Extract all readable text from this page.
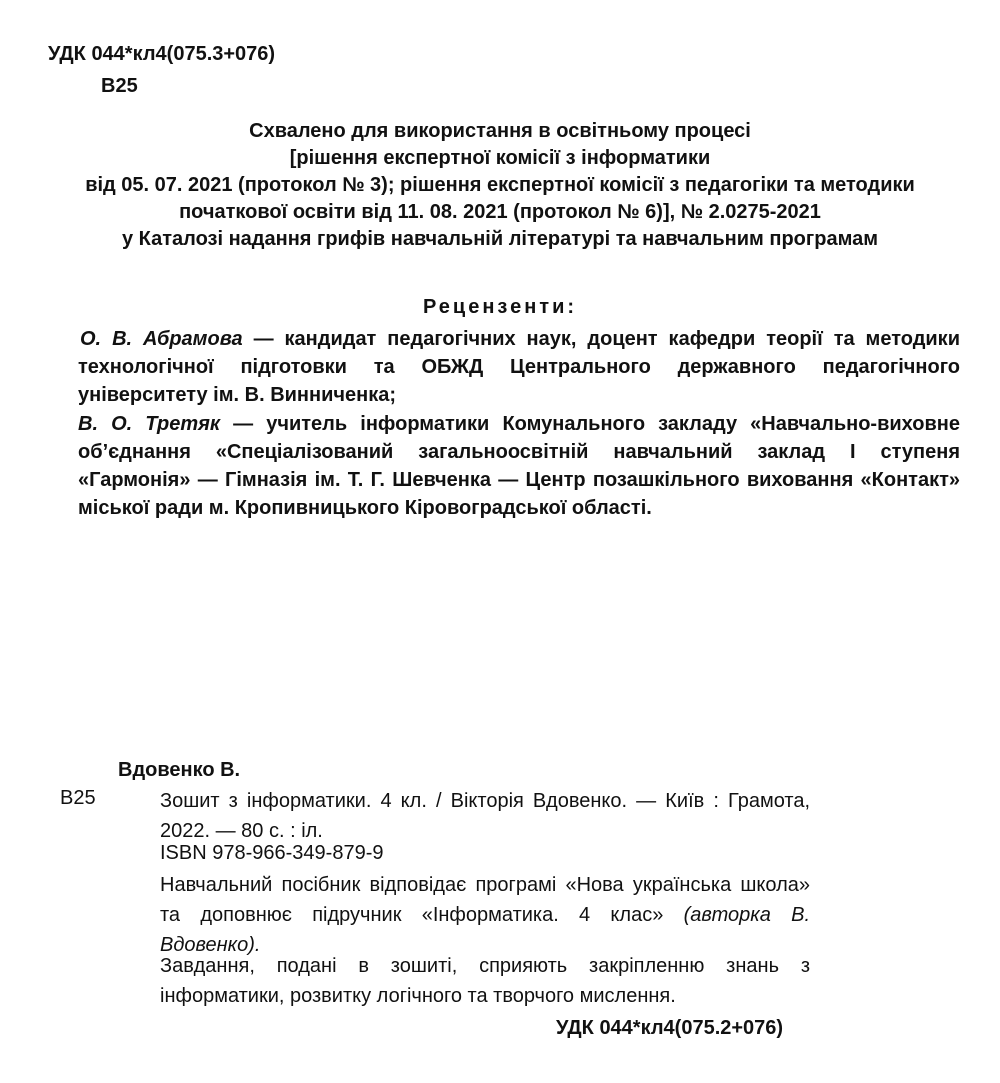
УДК 044*кл4(075.3+076)
В25
Схвалено для використання в освітньому процесі
[рішення експертної комісії з інформатики
від 05. 07. 2021 (протокол № 3); рішення експертної комісії з педагогіки та методики
початкової освіти від 11. 08. 2021 (протокол № 6)], № 2.0275-2021
у Каталозі надання грифів навчальній літературі та навчальним програмам
Рецензенти:
О. В. Абрамова — кандидат педагогічних наук, доцент кафедри теорії та методики технологічної підготовки та ОБЖД Центрального державного педагогічного університету ім. В. Винниченка;
В. О. Третяк — учитель інформатики Комунального закладу «Навчально-виховне об’єднання «Спеціалізований загальноосвітній навчальний заклад І ступеня «Гармонія» — Гімназія ім. Т. Г. Шевченка — Центр позашкільного виховання «Контакт» міської ради м. Кропивницького Кіровоградської області.
Вдовенко В.
В25	Зошит з інформатики. 4 кл. / Вікторія Вдовенко. — Київ : Грамота, 2022. — 80 с. : іл.
ISBN 978-966-349-879-9
Навчальний посібник відповідає програмі «Нова українська школа» та доповнює підручник «Інформатика. 4 клас» (авторка В. Вдовенко).
Завдання, подані в зошиті, сприяють закріпленню знань з інформатики, розвитку логічного та творчого мислення.
УДК 044*кл4(075.2+076)
